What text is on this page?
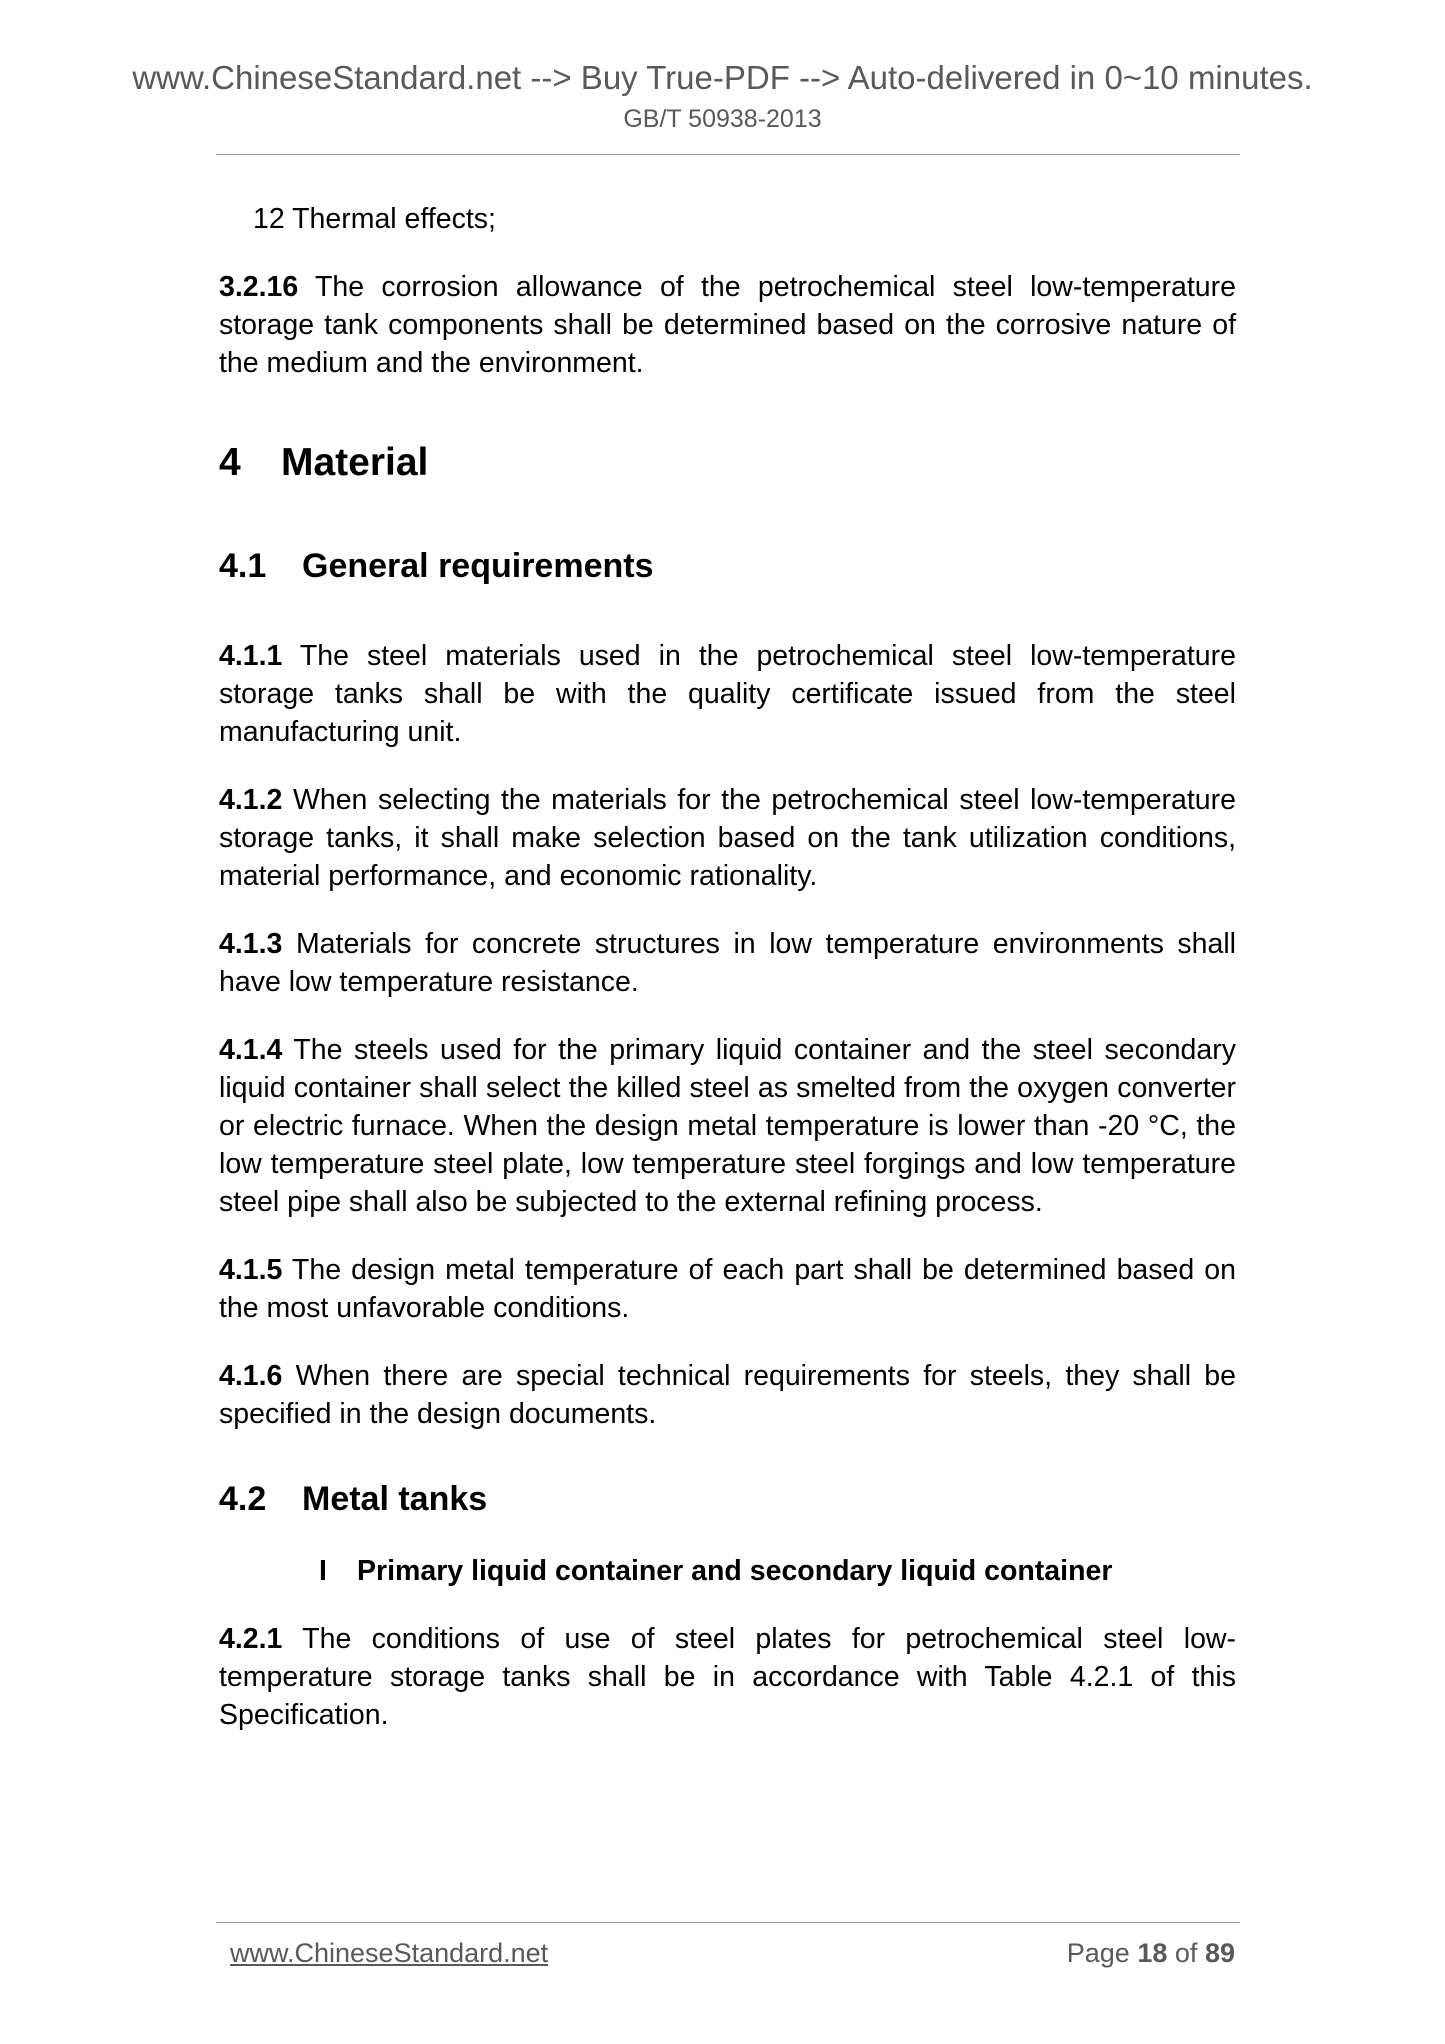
www.ChineseStandard.net --> Buy True-PDF --> Auto-delivered in 0~10 minutes.
GB/T 50938-2013

12 Thermal effects;

3.2.16 The corrosion allowance of the petrochemical steel low-temperature storage tank components shall be determined based on the corrosive nature of the medium and the environment.

4 Material
4.1 General requirements

4.1.1 The steel materials used in the petrochemical steel low-temperature storage tanks shall be with the quality certificate issued from the steel manufacturing unit.

4.1.2 When selecting the materials for the petrochemical steel low-temperature storage tanks, it shall make selection based on the tank utilization conditions, material performance, and economic rationality.

4.1.3 Materials for concrete structures in low temperature environments shall have low temperature resistance.

4.1.4 The steels used for the primary liquid container and the steel secondary liquid container shall select the killed steel as smelted from the oxygen converter or electric furnace. When the design metal temperature is lower than -20 °C, the low temperature steel plate, low temperature steel forgings and low temperature steel pipe shall also be subjected to the external refining process.

4.1.5 The design metal temperature of each part shall be determined based on the most unfavorable conditions.

4.1.6 When there are special technical requirements for steels, they shall be specified in the design documents.

4.2 Metal tanks
I Primary liquid container and secondary liquid container

4.2.1 The conditions of use of steel plates for petrochemical steel low-temperature storage tanks shall be in accordance with Table 4.2.1 of this Specification.

www.ChineseStandard.net	Page 18 of 89
